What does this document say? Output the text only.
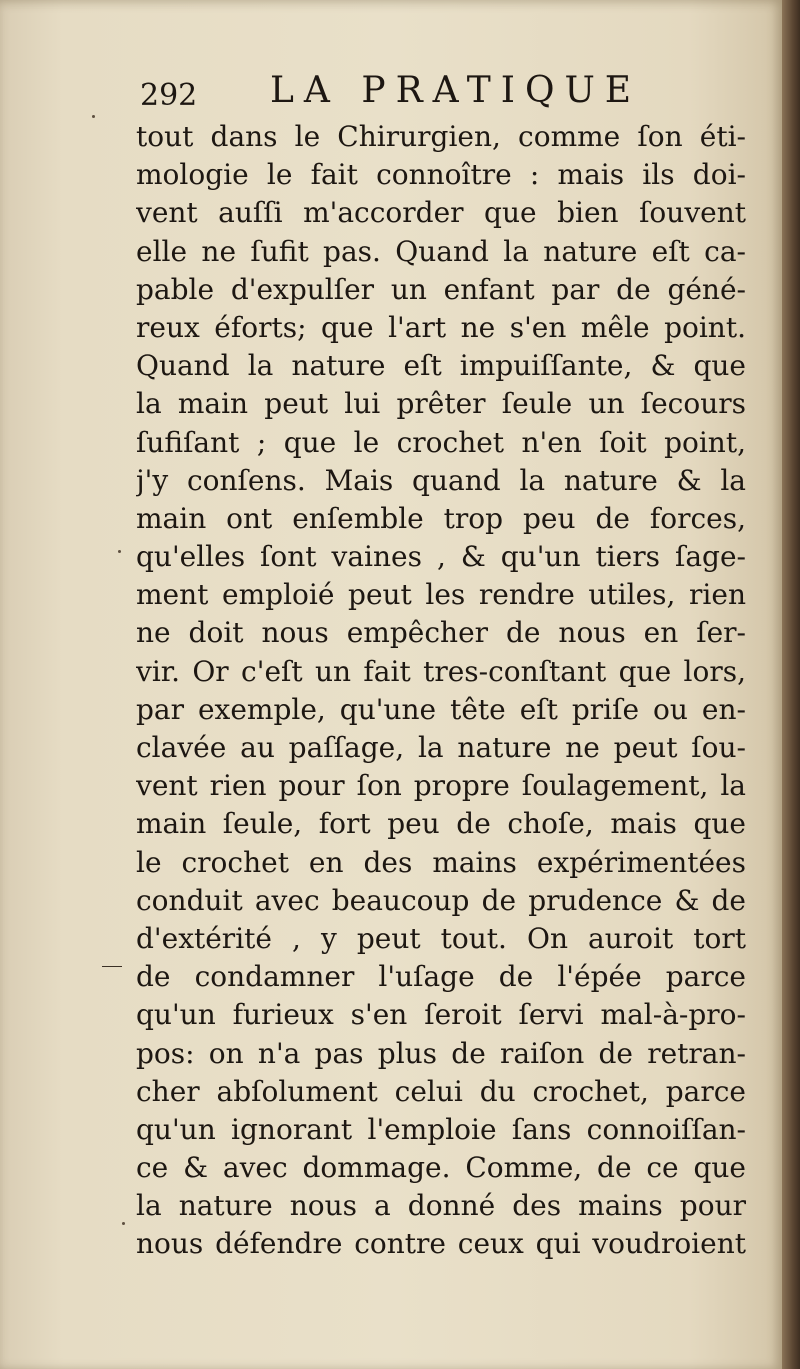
292 LA PRATIQUE
tout dans le Chirurgien, comme ſon éti-
mologie le fait connoître : mais ils doi-
vent auſſi m'accorder que bien ſouvent
elle ne ſufit pas. Quand la nature eſt ca-
pable d'expulſer un enfant par de géné-
reux éforts; que l'art ne s'en mêle point.
Quand la nature eſt impuiſſante, & que
la main peut lui prêter ſeule un ſecours
ſufiſant ; que le crochet n'en ſoit point,
j'y conſens. Mais quand la nature & la
main ont enſemble trop peu de forces,
qu'elles ſont vaines , & qu'un tiers ſage-
ment emploié peut les rendre utiles, rien
ne doit nous empêcher de nous en ſer-
vir. Or c'eſt un fait tres-conſtant que lors,
par exemple, qu'une tête eſt priſe ou en-
clavée au paſſage, la nature ne peut ſou-
vent rien pour ſon propre ſoulagement, la
main ſeule, fort peu de choſe, mais que
le crochet en des mains expérimentées
conduit avec beaucoup de prudence & de
d'extérité , y peut tout. On auroit tort
de condamner l'uſage de l'épée parce
qu'un furieux s'en ſeroit ſervi mal-à-pro-
pos: on n'a pas plus de raiſon de retran-
cher abſolument celui du crochet, parce
qu'un ignorant l'emploie ſans connoiſſan-
ce & avec dommage. Comme, de ce que
la nature nous a donné des mains pour
nous défendre contre ceux qui voudroient
